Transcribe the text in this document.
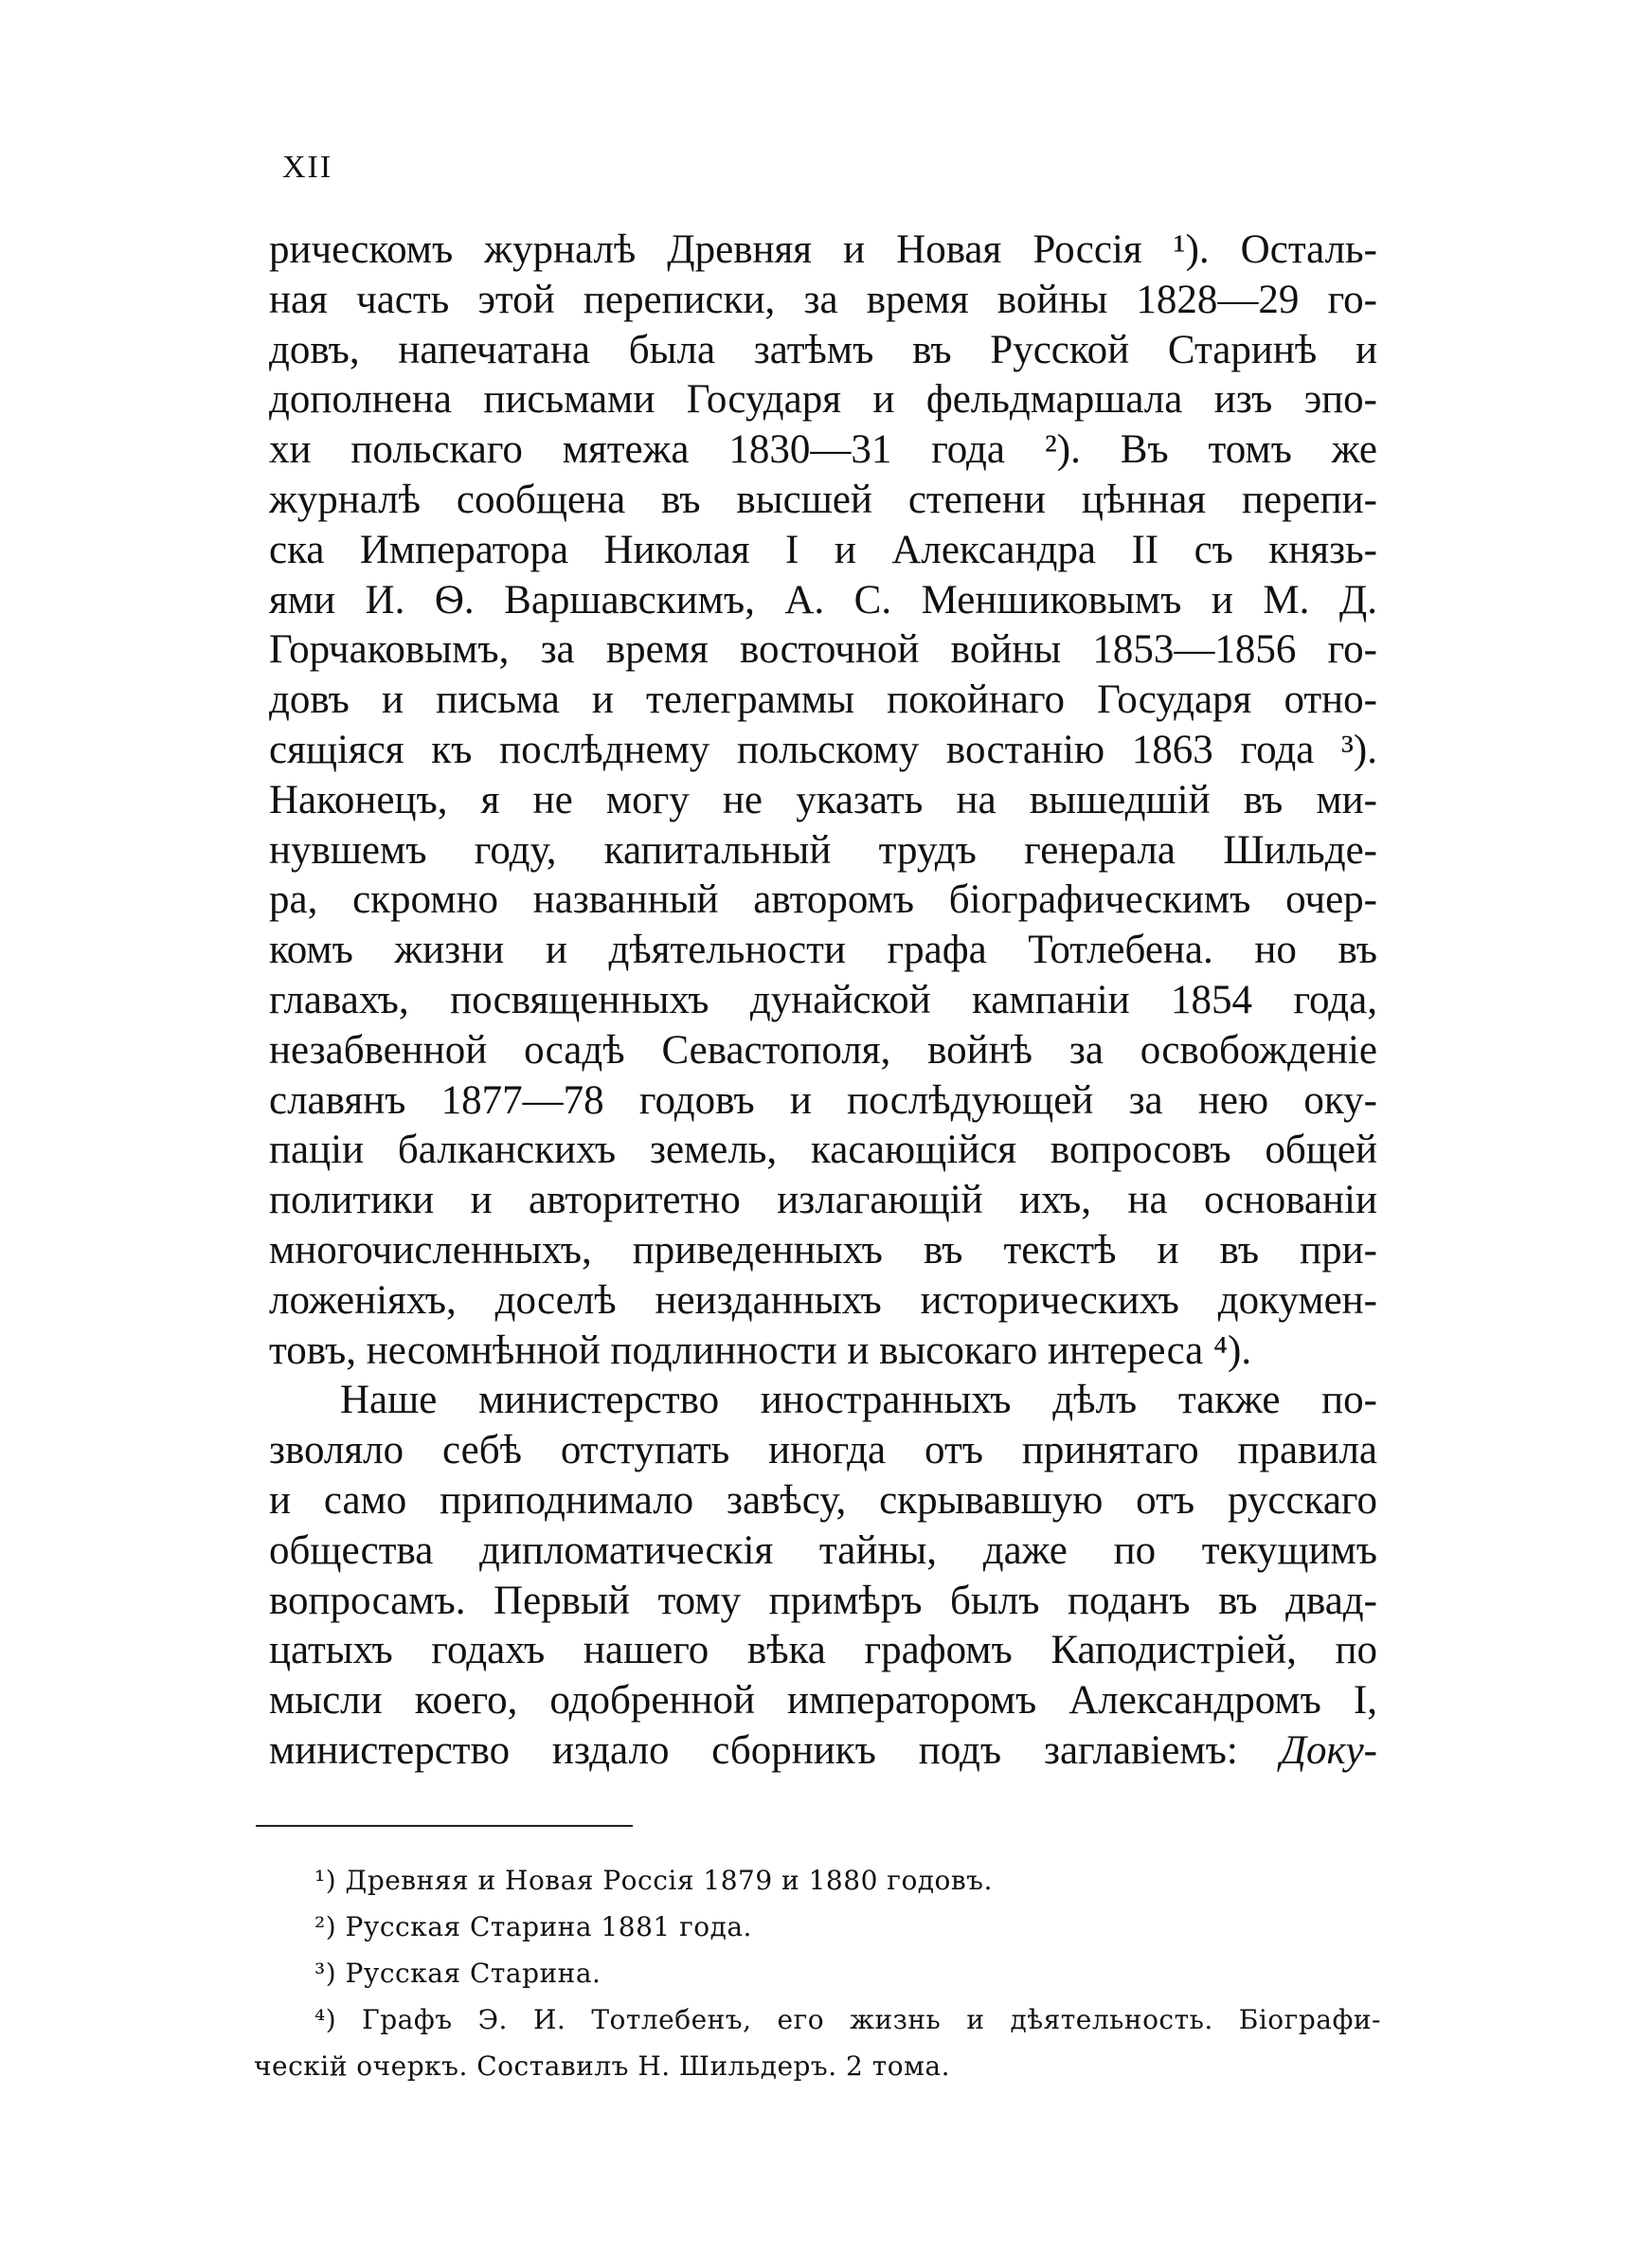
XII
рическомъ журналѣ Древняя и Новая Россія ¹). Осталь-
ная часть этой переписки, за время войны 1828—29 го-
довъ, напечатана была затѣмъ въ Русской Старинѣ и
дополнена письмами Государя и фельдмаршала изъ эпо-
хи польскаго мятежа 1830—31 года ²). Въ томъ же
журналѣ сообщена въ высшей степени цѣнная перепи-
ска Императора Николая I и Александра II съ князь-
ями И. Ѳ. Варшавскимъ, А. С. Меншиковымъ и М. Д.
Горчаковымъ, за время восточной войны 1853—1856 го-
довъ и письма и телеграммы покойнаго Государя отно-
сящіяся къ послѣднему польскому востанію 1863 года ³).
Наконецъ, я не могу не указать на вышедшій въ ми-
нувшемъ году, капитальный трудъ генерала Шильде-
ра, скромно названный авторомъ біографическимъ очер-
комъ жизни и дѣятельности графа Тотлебена. но въ
главахъ, посвященныхъ дунайской кампаніи 1854 года,
незабвенной осадѣ Севастополя, войнѣ за освобожденіе
славянъ 1877—78 годовъ и послѣдующей за нею оку-
паціи балканскихъ земель, касающійся вопросовъ общей
политики и авторитетно излагающій ихъ, на основаніи
многочисленныхъ, приведенныхъ въ текстѣ и въ при-
ложеніяхъ, доселѣ неизданныхъ историческихъ докумен-
товъ, несомнѣнной подлинности и высокаго интереса ⁴).
Наше министерство иностранныхъ дѣлъ также по-
зволяло себѣ отступать иногда отъ принятаго правила
и само приподнимало завѣсу, скрывавшую отъ русскаго
общества дипломатическія тайны, даже по текущимъ
вопросамъ. Первый тому примѣръ былъ поданъ въ двад-
цатыхъ годахъ нашего вѣка графомъ Каподистріей, по
мысли коего, одобренной императоромъ Александромъ I,
министерство издало сборникъ подъ заглавіемъ: Доку-
¹) Древняя и Новая Россія 1879 и 1880 годовъ.
²) Русская Старина 1881 года.
³) Русская Старина.
⁴) Графъ Э. И. Тотлебенъ, его жизнь и дѣятельность. Біографи-
ческій очеркъ. Составилъ Н. Шильдеръ. 2 тома.
